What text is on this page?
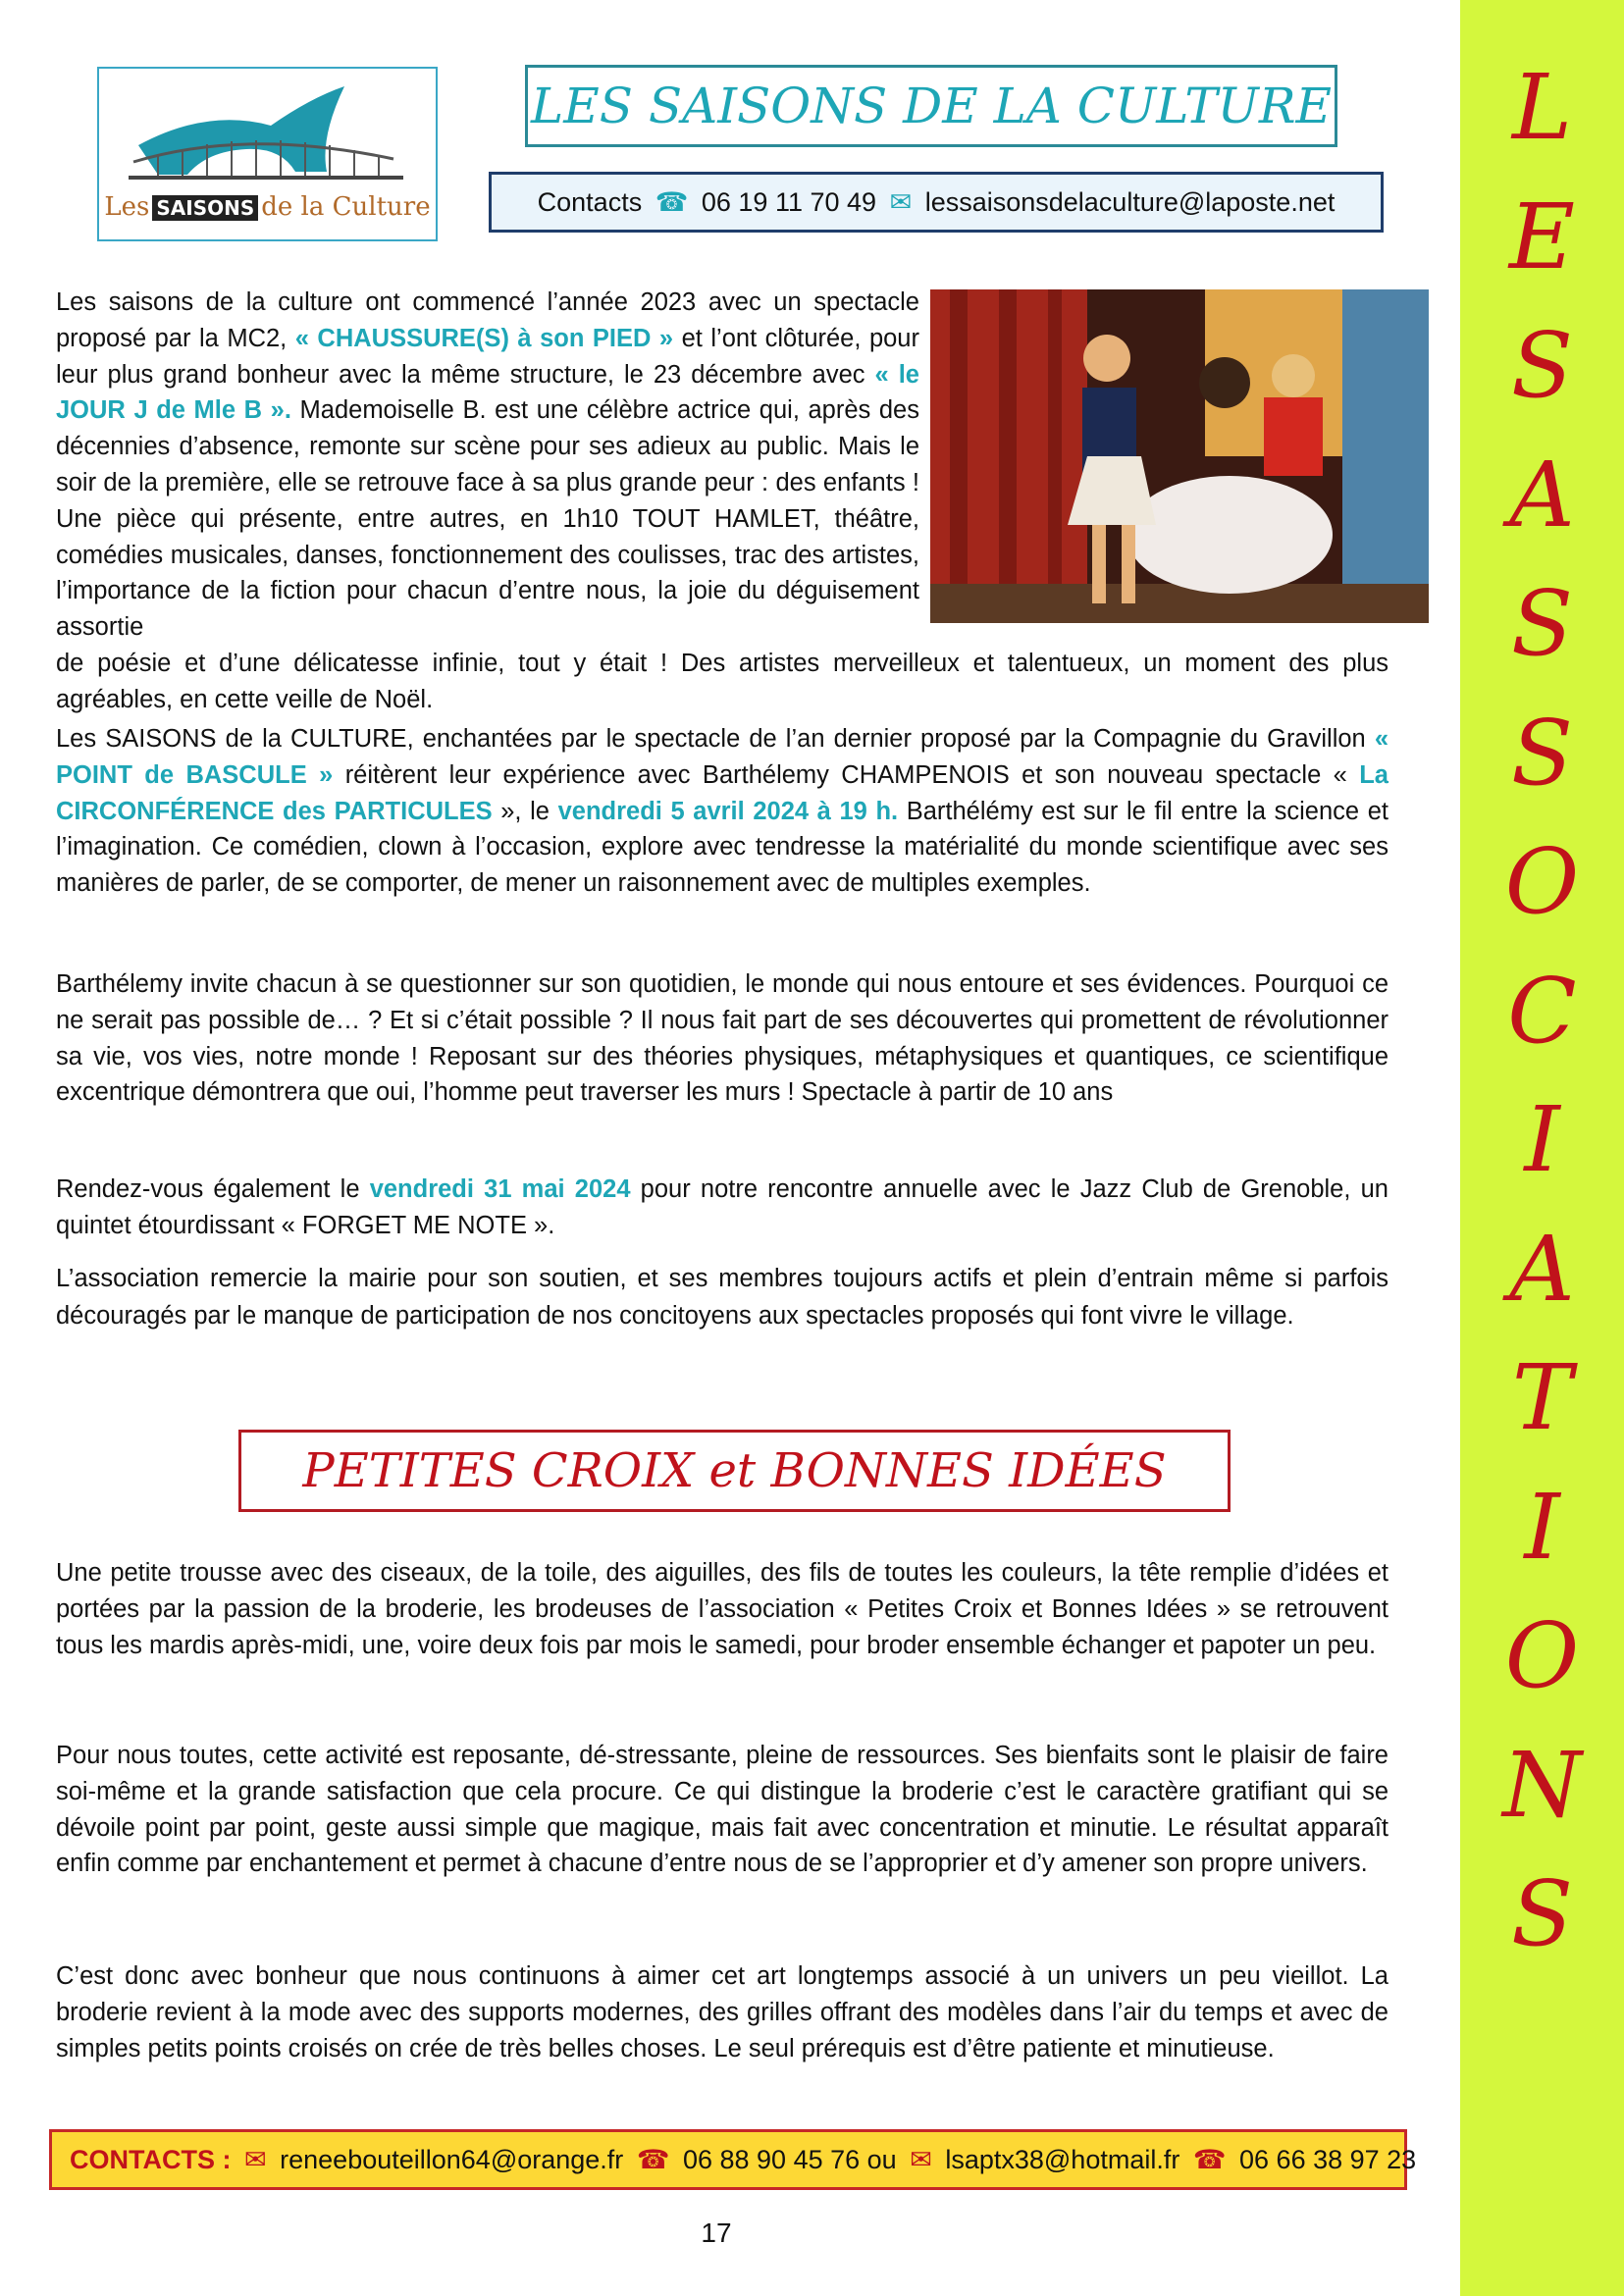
L
E
S
A
S
S
O
C
I
A
T
I
O
N
S
Les SAISONS de la Culture
LES SAISONS DE LA CULTURE
Contacts ☎ 06 19 11 70 49 ✉ lessaisonsdelaculture@laposte.net
Les saisons de la culture ont commencé l’année 2023 avec un spectacle proposé par la MC2, « CHAUSSURE(S) à son PIED » et l’ont clôturée, pour leur plus grand bonheur avec la même structure, le 23 décembre avec « le JOUR J de Mle B ». Mademoiselle B. est une célèbre actrice qui, après des décennies d’absence, remonte sur scène pour ses adieux au public. Mais le soir de la première, elle se retrouve face à sa plus grande peur : des enfants ! Une pièce qui présente, entre autres, en 1h10 TOUT HAMLET, théâtre, comédies musicales, danses, fonctionnement des coulisses, trac des artistes, l’importance de la fiction pour chacun d’entre nous, la joie du déguisement assortie
de poésie et d’une délicatesse infinie, tout y était ! Des artistes merveilleux et talentueux, un moment des plus agréables, en cette veille de Noël.

Les SAISONS de la CULTURE, enchantées par le spectacle de l’an dernier proposé par la Compagnie du Gravillon « POINT de BASCULE » réitèrent leur expérience avec Barthélemy CHAMPENOIS et son nouveau spectacle « La CIRCONFÉRENCE des PARTICULES », le vendredi 5 avril 2024 à 19 h. Barthélémy est sur le fil entre la science et l’imagination. Ce comédien, clown à l’occasion, explore avec tendresse la matérialité du monde scientifique avec ses manières de parler, de se comporter, de mener un raisonnement avec de multiples exemples.

Barthélemy invite chacun à se questionner sur son quotidien, le monde qui nous entoure et ses évidences. Pourquoi ce ne serait pas possible de… ? Et si c’était possible ? Il nous fait part de ses découvertes qui promettent de révolutionner sa vie, vos vies, notre monde ! Reposant sur des théories physiques, métaphysiques et quantiques, ce scientifique excentrique démontrera que oui, l’homme peut traverser les murs ! Spectacle à partir de 10 ans

Rendez-vous également le vendredi 31 mai 2024 pour notre rencontre annuelle avec le Jazz Club de Grenoble, un quintet étourdissant « FORGET ME NOTE ».

L’association remercie la mairie pour son soutien, et ses membres toujours actifs et plein d’entrain même si parfois découragés par le manque de participation de nos concitoyens aux spectacles proposés qui font vivre le village.

PETITES CROIX et BONNES IDÉES

Une petite trousse avec des ciseaux, de la toile, des aiguilles, des fils de toutes les couleurs, la tête remplie d’idées et portées par la passion de la broderie, les brodeuses de l’association « Petites Croix et Bonnes Idées » se retrouvent tous les mardis après-midi, une, voire deux fois par mois le samedi, pour broder ensemble échanger et papoter un peu.

Pour nous toutes, cette activité est reposante, dé-stressante, pleine de ressources. Ses bienfaits sont le plaisir de faire soi-même et la grande satisfaction que cela procure. Ce qui distingue la broderie c’est le caractère gratifiant qui se dévoile point par point, geste aussi simple que magique, mais fait avec concentration et minutie. Le résultat apparaît enfin comme par enchantement et permet à chacune d’entre nous de se l’approprier et d’y amener son propre univers.

C’est donc avec bonheur que nous continuons à aimer cet art longtemps associé à un univers un peu vieillot. La broderie revient à la mode avec des supports modernes, des grilles offrant des modèles dans l’air du temps et avec de simples petits points croisés on crée de très belles choses. Le seul prérequis est d’être patiente et minutieuse.

CONTACTS : ✉ reneebouteillon64@orange.fr ☎ 06 88 90 45 76 ou ✉ lsaptx38@hotmail.fr ☎ 06 66 38 97 23
17
